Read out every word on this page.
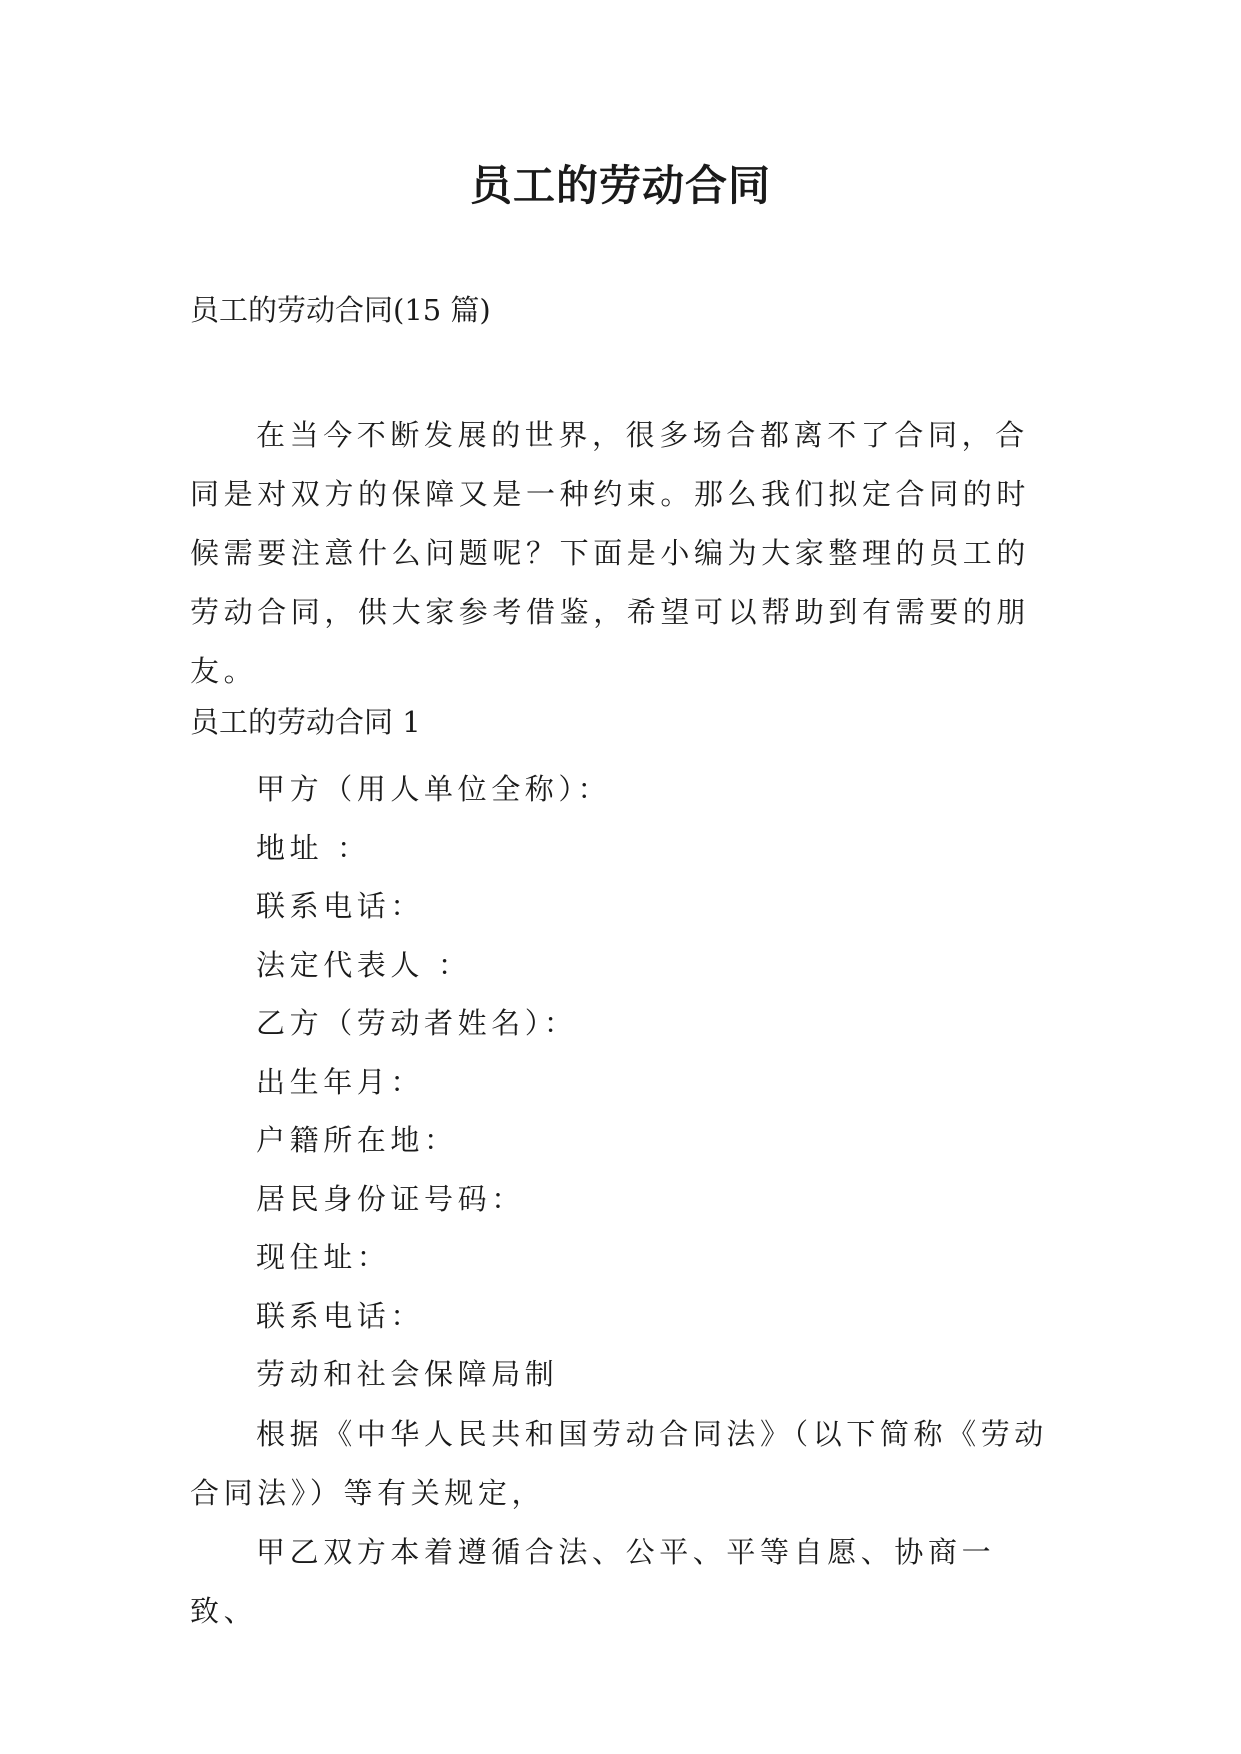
员工的劳动合同

员工的劳动合同(15 篇)

在当今不断发展的世界，很多场合都离不了合同，合同是对双方的保障又是一种约束。那么我们拟定合同的时候需要注意什么问题呢？下面是小编为大家整理的员工的劳动合同，供大家参考借鉴，希望可以帮助到有需要的朋友。

员工的劳动合同 1

甲方（用人单位全称）：
地址 ：
联系电话：
法定代表人 ：
乙方（劳动者姓名）：
出生年月：
户籍所在地：
居民身份证号码：
现住址：
联系电话：
劳动和社会保障局制

根据《中华人民共和国劳动合同法》（以下简称《劳动合同法》）等有关规定，

甲乙双方本着遵循合法、公平、平等自愿、协商一致、
